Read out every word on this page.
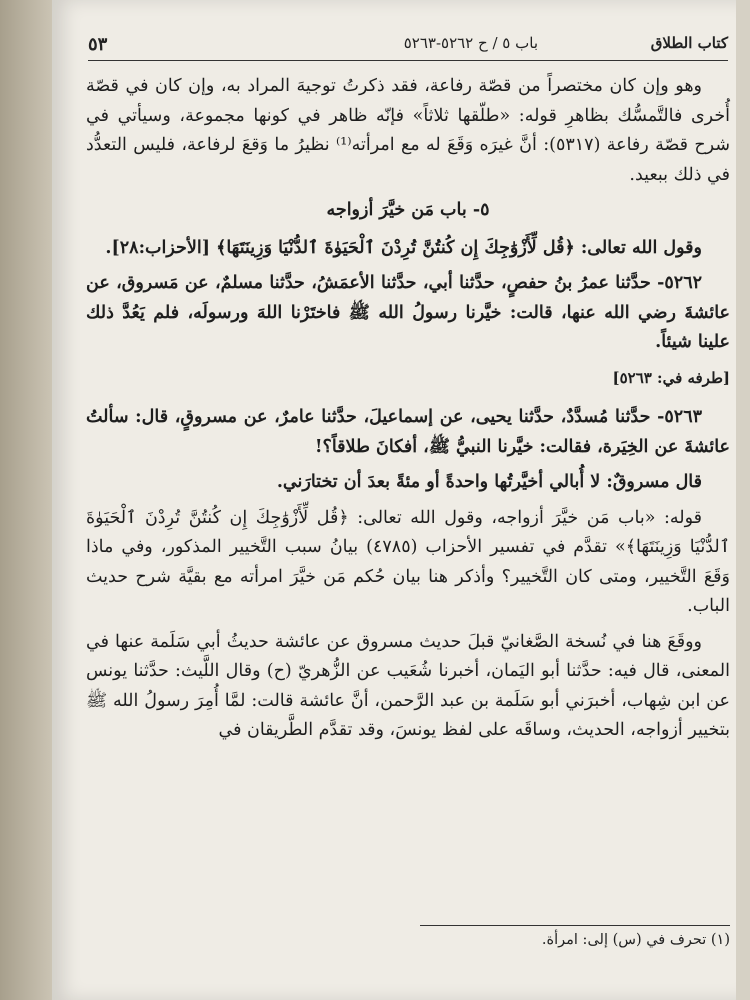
كتاب الطلاق
باب ٥ / ح ٥٢٦٢-٥٢٦٣
٥٣

وهو وإن كان مختصراً من قصّة رفاعة، فقد ذكرتُ توجيهَ المراد به، وإن كان في قصّة أُخرى فالتَّمسُّك بظاهرِ قوله: «طلّقها ثلاثاً» فإنّه ظاهر في كونها مجموعة، وسيأتي في شرح قصّة رفاعة (٥٣١٧): أنَّ غيرَه وَقَعَ له مع امرأته⁽¹⁾ نظيرُ ما وَقعَ لرفاعة، فليس التعدُّد في ذلك ببعيد.

٥- باب مَن خيَّرَ أزواجه

وقول الله تعالى: ﴿قُل لِّأَزْوَٰجِكَ إِن كُنتُنَّ تُرِدْنَ ٱلْحَيَوٰةَ ٱلدُّنْيَا وَزِينَتَهَا﴾ [الأحزاب:٢٨].

٥٢٦٢- حدَّثنا عمرُ بنُ حفصٍ، حدَّثنا أبي، حدَّثنا الأعمَشُ، حدَّثنا مسلمٌ، عن مَسروق، عن عائشةَ رضي الله عنها، قالت: خيَّرنا رسولُ الله ﷺ فاختَرْنا اللهَ ورسولَه، فلم يَعُدَّ ذلك علينا شيئاً.

[طرفه في: ٥٢٦٣]

٥٢٦٣- حدَّثنا مُسدَّدٌ، حدَّثنا يحيى، عن إسماعيلَ، حدَّثنا عامرٌ، عن مسروقٍ، قال: سألتُ عائشةَ عن الخِيَرة، فقالت: خيَّرنا النبيُّ ﷺ، أفكانَ طلاقاً؟!

قال مسروقٌ: لا أُبالي أخيَّرتُها واحدةً أو مئةً بعدَ أن تختارَني.

قوله: «باب مَن خيَّرَ أزواجه، وقول الله تعالى: ﴿قُل لِّأَزْوَٰجِكَ إِن كُنتُنَّ تُرِدْنَ ٱلْحَيَوٰةَ ٱلدُّنْيَا وَزِينَتَهَا﴾» تقدَّم في تفسير الأحزاب (٤٧٨٥) بيانُ سبب التَّخيير المذكور، وفي ماذا وَقَعَ التَّخيير، ومتى كان التَّخيير؟ وأذكر هنا بيان حُكم مَن خيَّرَ امرأته مع بقيَّة شرح حديث الباب.

ووقَعَ هنا في نُسخة الصَّغانيّ قبلَ حديث مسروق عن عائشة حديثُ أبي سَلَمة عنها في المعنى، قال فيه: حدَّثنا أبو اليَمان، أخبرنا شُعَيب عن الزُّهريّ (ح) وقال اللَّيث: حدَّثنا يونس عن ابن شِهاب، أخبرَني أبو سَلَمة بن عبد الرَّحمن، أنَّ عائشة قالت: لمَّا أُمِرَ رسولُ الله ﷺ بتخيير أزواجه، الحديث، وساقَه على لفظ يونسَ، وقد تقدَّم الطَّريقان في

(١) تحرف في (س) إلى: امرأة.
